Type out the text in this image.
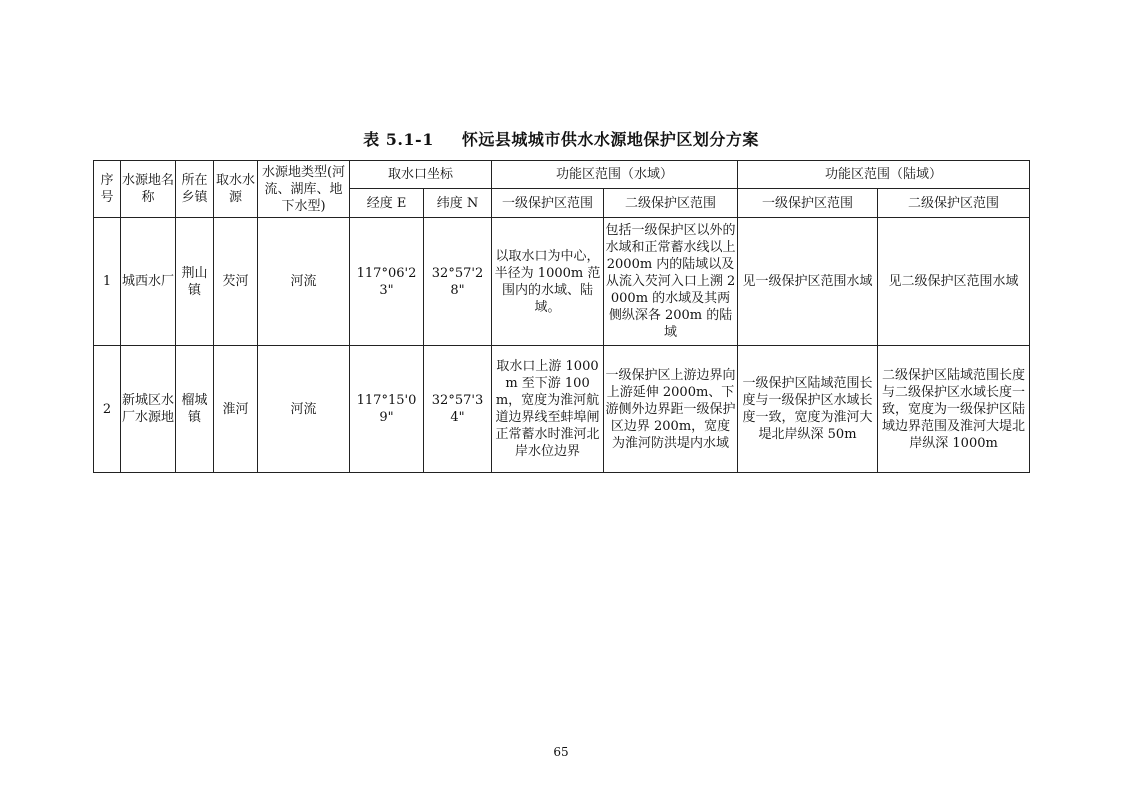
表 5.1-1 怀远县城城市供水水源地保护区划分方案
序号	水源地名称	所在乡镇	取水水源	水源地类型(河流、湖库、地下水型)	取水口坐标		功能区范围（水域）		功能区范围（陆域）	
					经度 E	纬度 N	一级保护区范围	二级保护区范围	一级保护区范围	二级保护区范围
1	城西水厂	荆山镇	芡河	河流	117°06'23"	32°57'28"	以取水口为中心，半径为 1000m 范围内的水域、陆域。	包括一级保护区以外的水域和正常蓄水线以上 2000m 内的陆域以及从流入芡河入口上溯 2000m 的水域及其两侧纵深各 200m 的陆域	见一级保护区范围水域	见二级保护区范围水域
2	新城区水厂水源地	榴城镇	淮河	河流	117°15'09"	32°57'34"	取水口上游 1000m 至下游 100m，宽度为淮河航道边界线至蚌埠闸正常蓄水时淮河北岸水位边界	一级保护区上游边界向上游延伸 2000m、下游侧外边界距一级保护区边界 200m，宽度为淮河防洪堤内水域	一级保护区陆域范围长度与一级保护区水域长度一致，宽度为淮河大堤北岸纵深 50m	二级保护区陆域范围长度与二级保护区水域长度一致，宽度为一级保护区陆域边界范围及淮河大堤北岸纵深 1000m
65
